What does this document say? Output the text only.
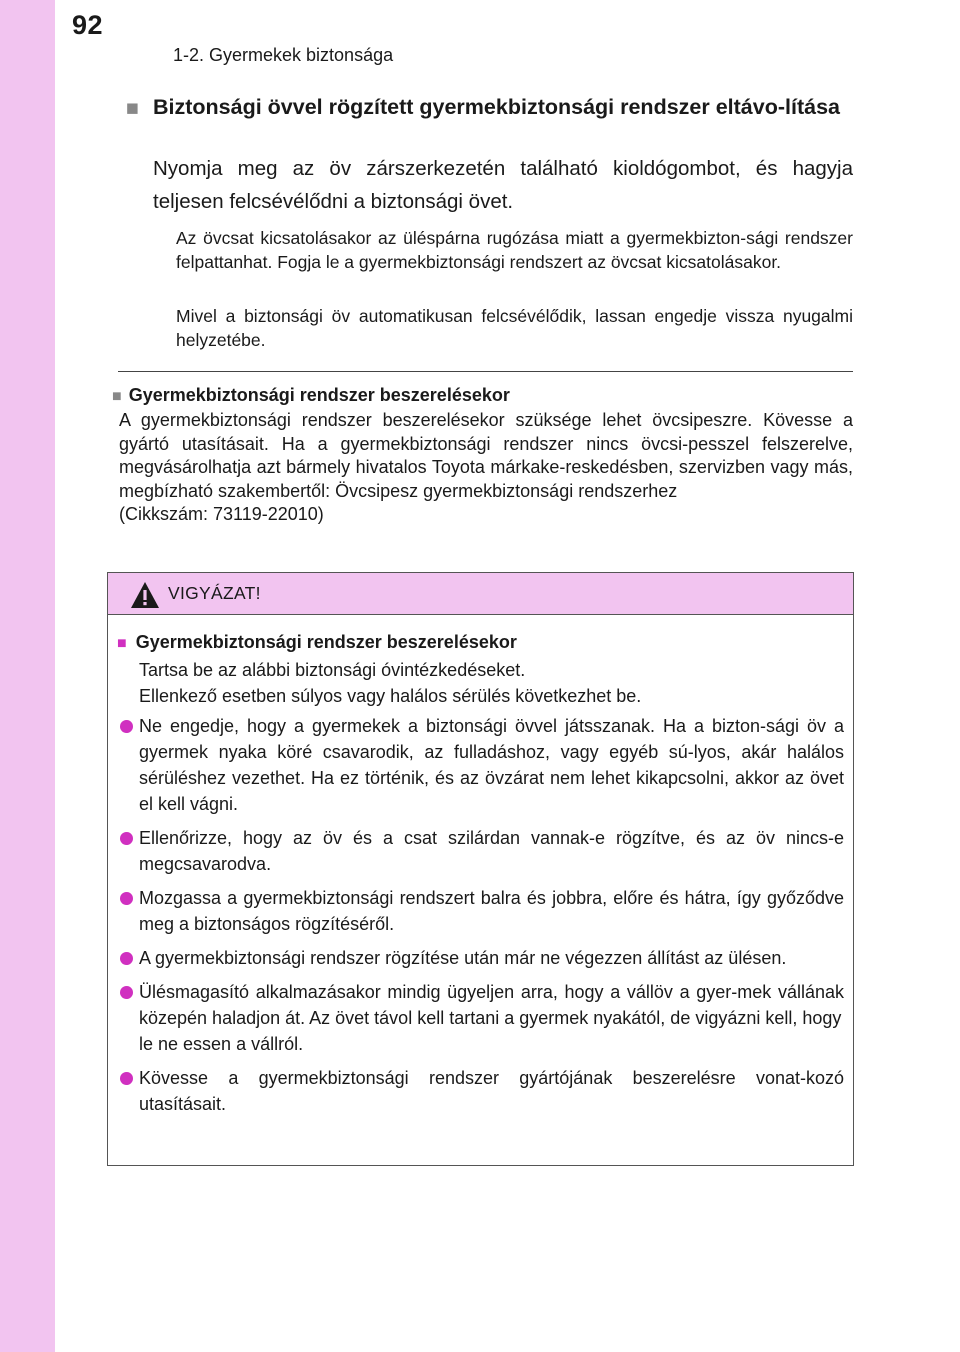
92
1-2. Gyermekek biztonsága
■ Biztonsági övvel rögzített gyermekbiztonsági rendszer eltávo-lítása
Nyomja meg az öv zárszerkezetén található kioldógombot, és hagyja teljesen felcsévélődni a biztonsági övet.
Az övcsat kicsatolásakor az üléspárna rugózása miatt a gyermekbizton-sági rendszer felpattanhat. Fogja le a gyermekbiztonsági rendszert az övcsat kicsatolásakor.
Mivel a biztonsági öv automatikusan felcsévélődik, lassan engedje vissza nyugalmi helyzetébe.
■ Gyermekbiztonsági rendszer beszerelésekor
A gyermekbiztonsági rendszer beszerelésekor szüksége lehet övcsipeszre. Kövesse a gyártó utasításait. Ha a gyermekbiztonsági rendszer nincs övcsi-pesszel felszerelve, megvásárolhatja azt bármely hivatalos Toyota márkake-reskedésben, szervizben vagy más, megbízható szakembertől: Övcsipesz gyermekbiztonsági rendszerhez
(Cikkszám: 73119-22010)
VIGYÁZAT!
■ Gyermekbiztonsági rendszer beszerelésekor
Tartsa be az alábbi biztonsági óvintézkedéseket.
Ellenkező esetben súlyos vagy halálos sérülés következhet be.
Ne engedje, hogy a gyermekek a biztonsági övvel játsszanak. Ha a bizton-sági öv a gyermek nyaka köré csavarodik, az fulladáshoz, vagy egyéb sú-lyos, akár halálos sérüléshez vezethet. Ha ez történik, és az övzárat nem lehet kikapcsolni, akkor az övet el kell vágni.
Ellenőrizze, hogy az öv és a csat szilárdan vannak-e rögzítve, és az öv nincs-e megcsavarodva.
Mozgassa a gyermekbiztonsági rendszert balra és jobbra, előre és hátra, így győződve meg a biztonságos rögzítéséről.
A gyermekbiztonsági rendszer rögzítése után már ne végezzen állítást az ülésen.
Ülésmagasító alkalmazásakor mindig ügyeljen arra, hogy a vállöv a gyer-mek vállának közepén haladjon át. Az övet távol kell tartani a gyermek nyakától, de vigyázni kell, hogy
le ne essen a vállról.
Kövesse a gyermekbiztonsági rendszer gyártójának beszerelésre vonat-kozó utasításait.
